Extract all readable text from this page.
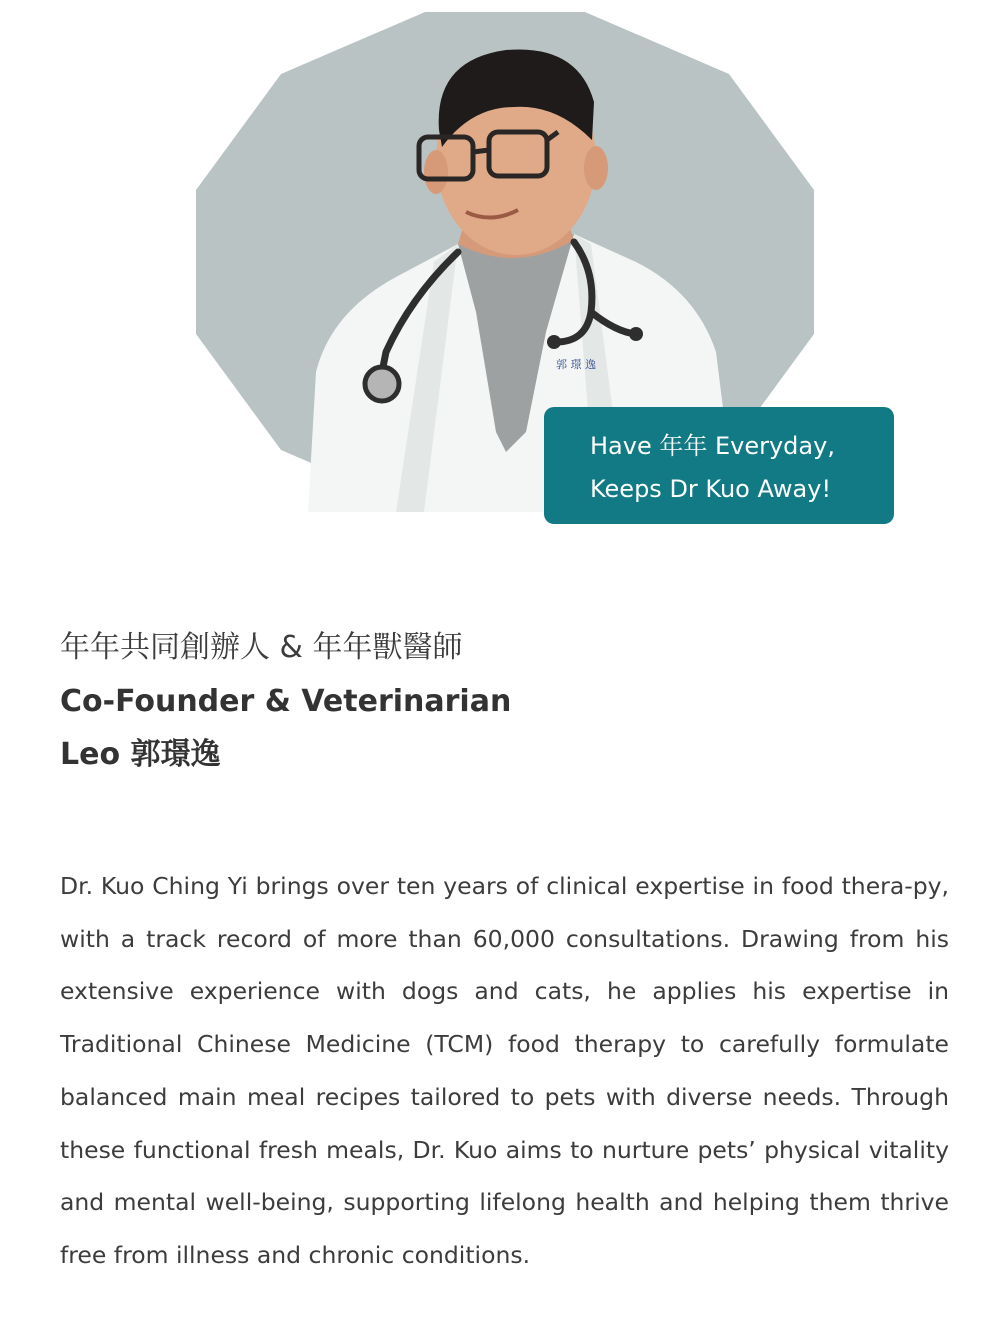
郭 璟 逸
Have 年年 Everyday,
Keeps Dr Kuo Away!
年年共同創辦人 & 年年獸醫師
Co-Founder & Veterinarian
Leo 郭璟逸

Dr. Kuo Ching Yi brings over ten years of clinical expertise in food thera-py, with a track record of more than 60,000 consultations. Drawing from his extensive experience with dogs and cats, he applies his expertise in Traditional Chinese Medicine (TCM) food therapy to carefully formulate balanced main meal recipes tailored to pets with diverse needs. Through these functional fresh meals, Dr. Kuo aims to nurture pets’ physical vitality and mental well-being, supporting lifelong health and helping them thrive free from illness and chronic conditions.
